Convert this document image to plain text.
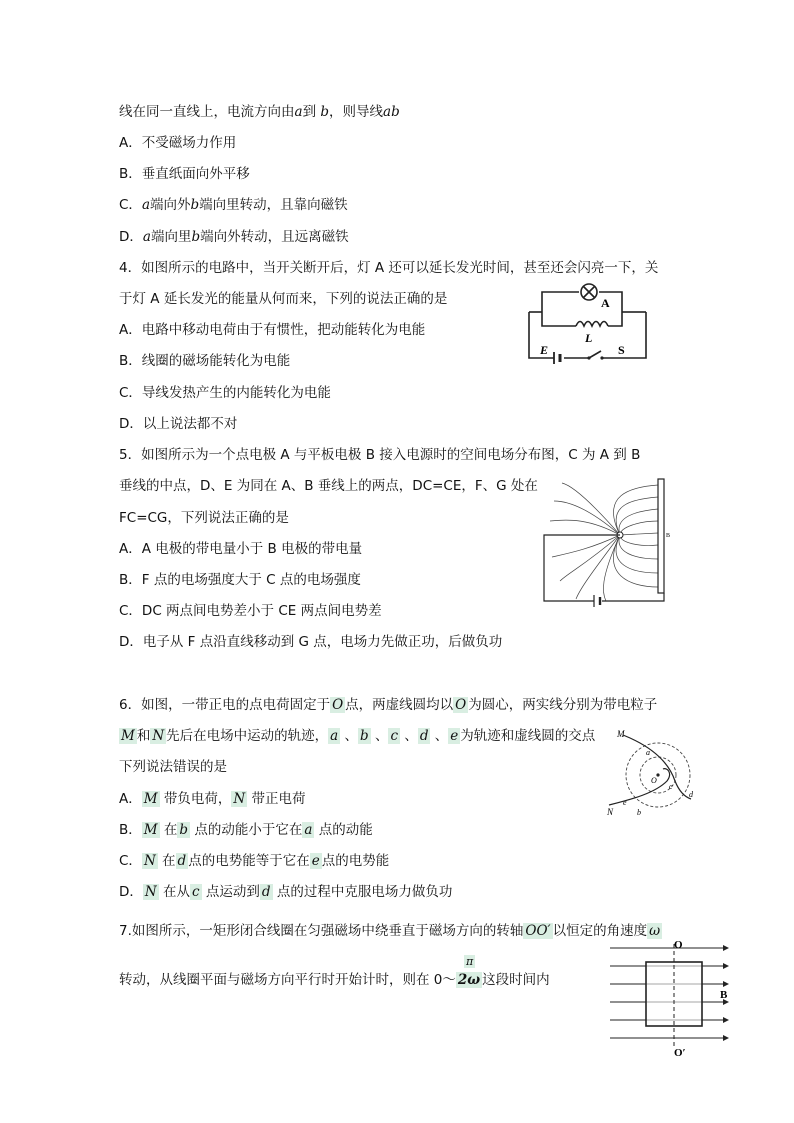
线在同一直线上，电流方向由a到 b，则导线ab
A．不受磁场力作用
B．垂直纸面向外平移
C．a端向外b端向里转动，且靠向磁铁
D．a端向里b端向外转动，且远离磁铁
4．如图所示的电路中，当开关断开后，灯 A 还可以延长发光时间，甚至还会闪亮一下，关
于灯 A 延长发光的能量从何而来，下列的说法正确的是
A．电路中移动电荷由于有惯性，把动能转化为电能
B．线圈的磁场能转化为电能
C．导线发热产生的内能转化为电能
D．以上说法都不对
A
L
E	S
5．如图所示为一个点电极 A 与平板电极 B 接入电源时的空间电场分布图，C 为 A 到 B
垂线的中点，D、E 为同在 A、B 垂线上的两点，DC=CE，F、G 处在
FC=CG，下列说法正确的是
A．A 电极的带电量小于 B 电极的带电量
B．F 点的电场强度大于 C 点的电场强度
C．DC 两点间电势差小于 CE 两点间电势差
D．电子从 F 点沿直线移动到 G 点，电场力先做正功，后做负功
B
6．如图，一带正电的点电荷固定于 O 点，两虚线圆均以 O 为圆心，两实线分别为带电粒子
M 和 N 先后在电场中运动的轨迹， a 、 b 、 c 、 d 、 e 为轨迹和虚线圆的交点
下列说法错误的是
A． M 带负电荷， N 带正电荷
B． M 在 b 点的动能小于它在 a 点的动能
C． N 在 d 点的电势能等于它在 e 点的电势能
D． N 在从 c 点运动到 d 点的过程中克服电场力做负功
M
N
a
b
c
d
e
O
7.如图所示，一矩形闭合线圈在匀强磁场中绕垂直于磁场方向的转轴 OO′ 以恒定的角速度 ω
π
转动，从线圈平面与磁场方向平行时开始计时，则在 0～ 2ω 这段时间内
O
O′
B
